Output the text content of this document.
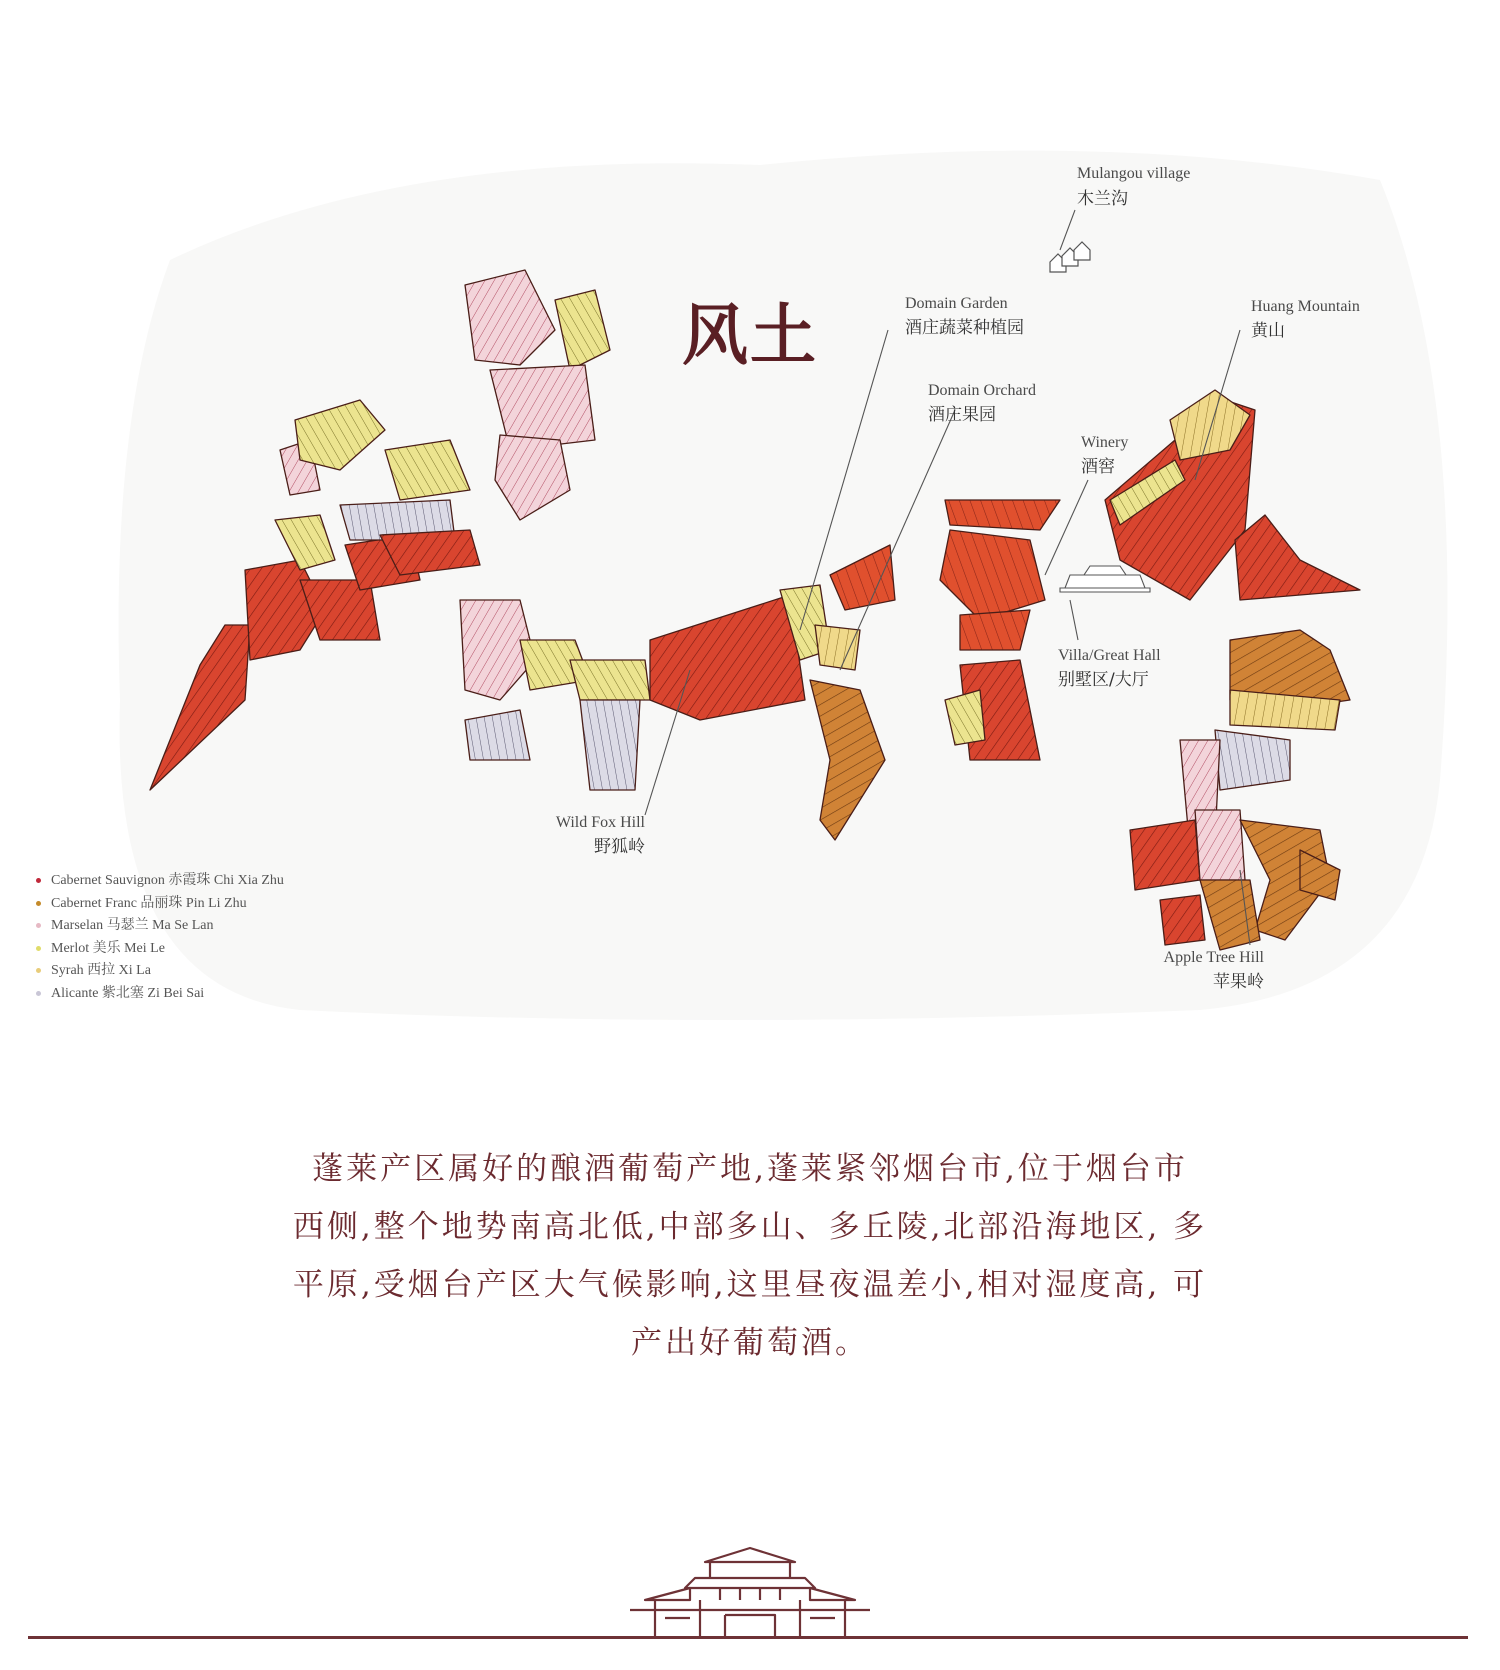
Mulangou village
木兰沟
Domain Garden
酒庄蔬菜种植园
Huang Mountain
黄山
Domain Orchard
酒庄果园
Winery
酒窖
Villa/Great Hall
别墅区/大厅
Wild Fox Hill
野狐岭
Apple Tree Hill
苹果岭
风土
Cabernet Sauvignon 赤霞珠 Chi Xia Zhu
Cabernet Franc 品丽珠 Pin Li Zhu
Marselan 马瑟兰 Ma Se Lan
Merlot 美乐 Mei Le
Syrah 西拉 Xi La
Alicante 紫北塞 Zi Bei Sai
蓬莱产区属好的酿酒葡萄产地,蓬莱紧邻烟台市,位于烟台市
西侧,整个地势南高北低,中部多山、多丘陵,北部沿海地区, 多
平原,受烟台产区大气候影响,这里昼夜温差小,相对湿度高, 可
产出好葡萄酒。
